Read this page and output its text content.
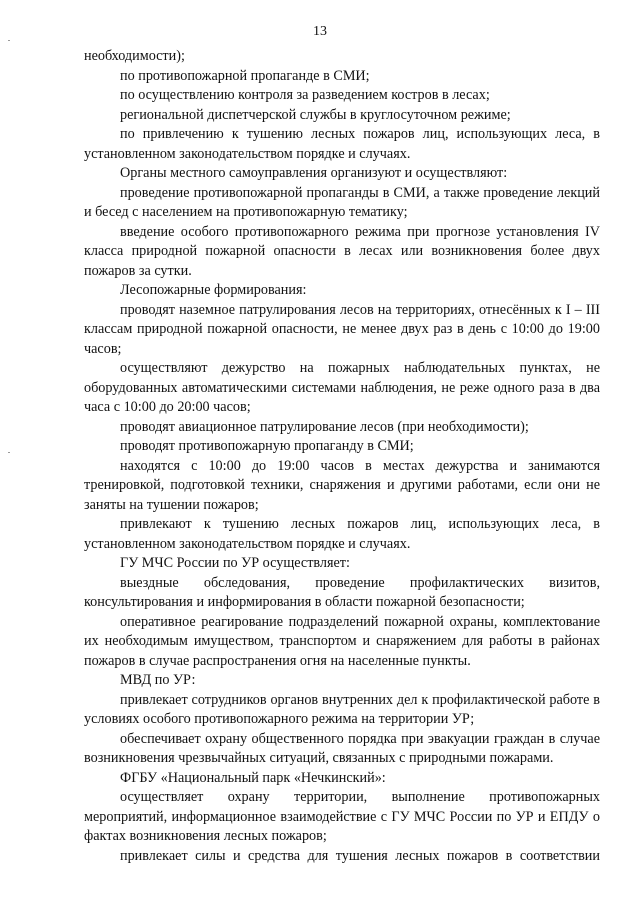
13

необходимости);

по противопожарной пропаганде в СМИ;

по осуществлению контроля за разведением костров в лесах;

региональной диспетчерской службы в круглосуточном режиме;

по привлечению к тушению лесных пожаров лиц, использующих леса, в установленном законодательством порядке и случаях.

Органы местного самоуправления организуют и осуществляют:

проведение противопожарной пропаганды в СМИ, а также проведение лекций и бесед с населением на противопожарную тематику;

введение особого противопожарного режима при прогнозе установления IV класса природной пожарной опасности в лесах или возникновения более двух пожаров за сутки.

Лесопожарные формирования:

проводят наземное патрулирования лесов на территориях, отнесённых к I – III классам природной пожарной опасности, не менее двух раз в день с 10:00 до 19:00 часов;

осуществляют дежурство на пожарных наблюдательных пунктах, не оборудованных автоматическими системами наблюдения, не реже одного раза в два часа с 10:00 до 20:00 часов;

проводят авиационное патрулирование лесов (при необходимости);

проводят противопожарную пропаганду в СМИ;

находятся с 10:00 до 19:00 часов в местах дежурства и занимаются тренировкой, подготовкой техники, снаряжения и другими работами, если они не заняты на тушении пожаров;

привлекают к тушению лесных пожаров лиц, использующих леса, в установленном законодательством порядке и случаях.

ГУ МЧС России по УР осуществляет:

выездные обследования, проведение профилактических визитов, консультирования и информирования в области пожарной безопасности;

оперативное реагирование подразделений пожарной охраны, комплектование их необходимым имуществом, транспортом и снаряжением для работы в районах пожаров в случае распространения огня на населенные пункты.

МВД по УР:

привлекает сотрудников органов внутренних дел к профилактической работе в условиях особого противопожарного режима на территории УР;

обеспечивает охрану общественного порядка при эвакуации граждан в случае возникновения чрезвычайных ситуаций, связанных с природными пожарами.

ФГБУ «Национальный парк «Нечкинский»:

осуществляет охрану территории, выполнение противопожарных мероприятий, информационное взаимодействие с ГУ МЧС России по УР и ЕПДУ о фактах возникновения лесных пожаров;

привлекает силы и средства для тушения лесных пожаров в соответствии
